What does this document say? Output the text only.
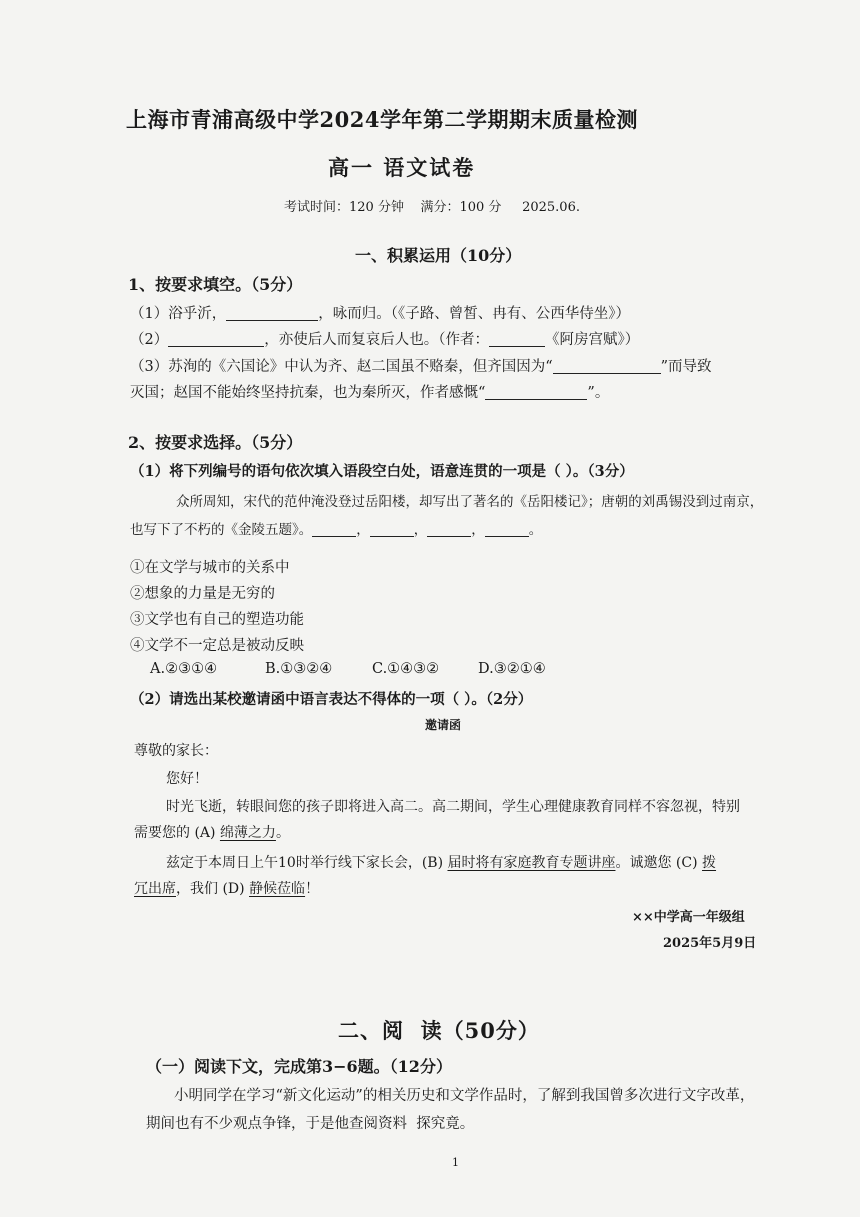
上海市青浦高级中学2024学年第二学期期末质量检测
高一 语文试卷
考试时间：120 分钟    满分：100 分     2025.06.
一、积累运用（10分）
1、按要求填空。（5分）
（1）浴乎沂，	，咏而归。（《子路、曾皙、冉有、公西华侍坐》）
（2）	，亦使后人而复哀后人也。（作者：	《阿房宫赋》）
（3）苏洵的《六国论》中认为齐、赵二国虽不赂秦，但齐国因为“	”而导致
灭国；赵国不能始终坚持抗秦，也为秦所灭，作者感慨“	”。
2、按要求选择。（5分）
（1）将下列编号的语句依次填入语段空白处，语意连贯的一项是（ ）。（3分）
众所周知，宋代的范仲淹没登过岳阳楼，却写出了著名的《岳阳楼记》；唐朝的刘禹锡没到过南京，
也写下了不朽的《金陵五题》。	，	，	，	。
①在文学与城市的关系中
②想象的力量是无穷的
③文学也有自己的塑造功能
④文学不一定总是被动反映
A.②③①④	B.①③②④	C.①④③②	D.③②①④
（2）请选出某校邀请函中语言表达不得体的一项（ ）。（2分）
邀请函
尊敬的家长：
您好！
时光飞逝，转眼间您的孩子即将进入高二。高二期间，学生心理健康教育同样不容忽视，特别
需要您的 (A) 绵薄之力。
兹定于本周日上午10时举行线下家长会，(B) 届时将有家庭教育专题讲座。诚邀您 (C) 拨
冗出席，我们 (D) 静候莅临！
××中学高一年级组
2025年5月9日
二、阅  读（50分）
（一）阅读下文，完成第3−6题。（12分）
小明同学在学习“新文化运动”的相关历史和文学作品时，了解到我国曾多次进行文字改革，
期间也有不少观点争锋，于是他查阅资料  探究竟。
1
